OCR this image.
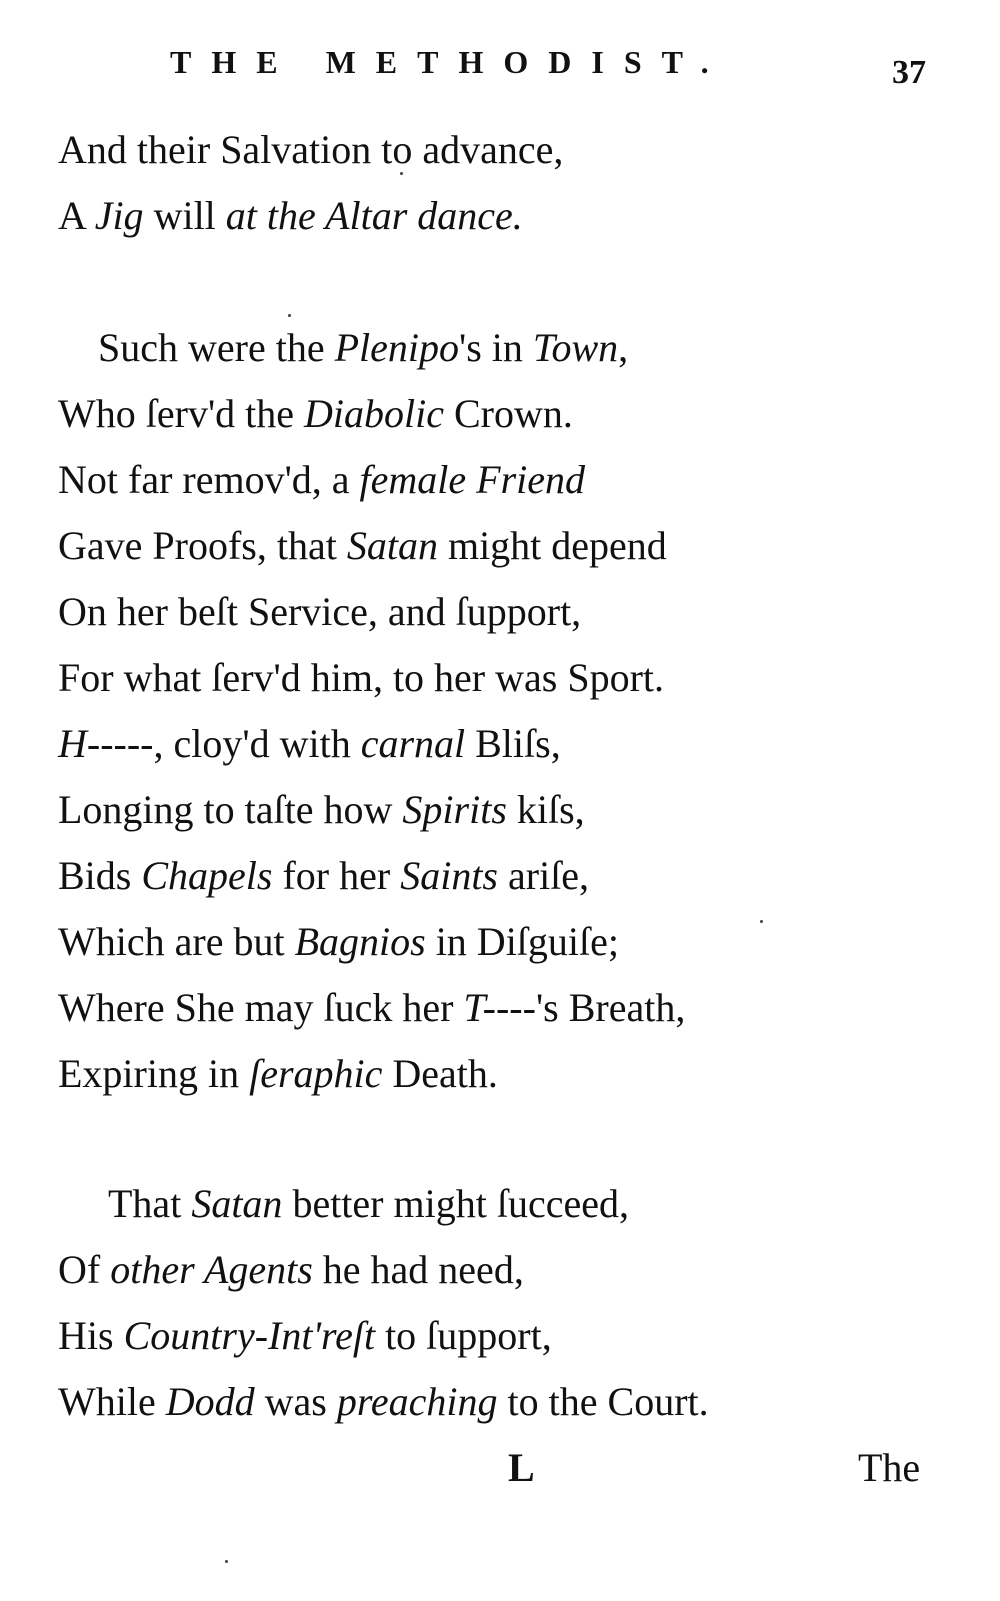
THE METHODIST.	37
And their Salvation to advance,
A Jig will at the Altar dance.
Such were the Plenipo's in Town,
Who ſerv'd the Diabolic Crown.
Not far remov'd, a female Friend
Gave Proofs, that Satan might depend
On her beſt Service, and ſupport,
For what ſerv'd him, to her was Sport.
H-----, cloy'd with carnal Bliſs,
Longing to taſte how Spirits kiſs,
Bids Chapels for her Saints ariſe,
Which are but Bagnios in Diſguiſe;
Where She may ſuck her T----'s Breath,
Expiring in ſeraphic Death.
That Satan better might ſucceed,
Of other Agents he had need,
His Country-Int'reſt to ſupport,
While Dodd was preaching to the Court.
L	The
